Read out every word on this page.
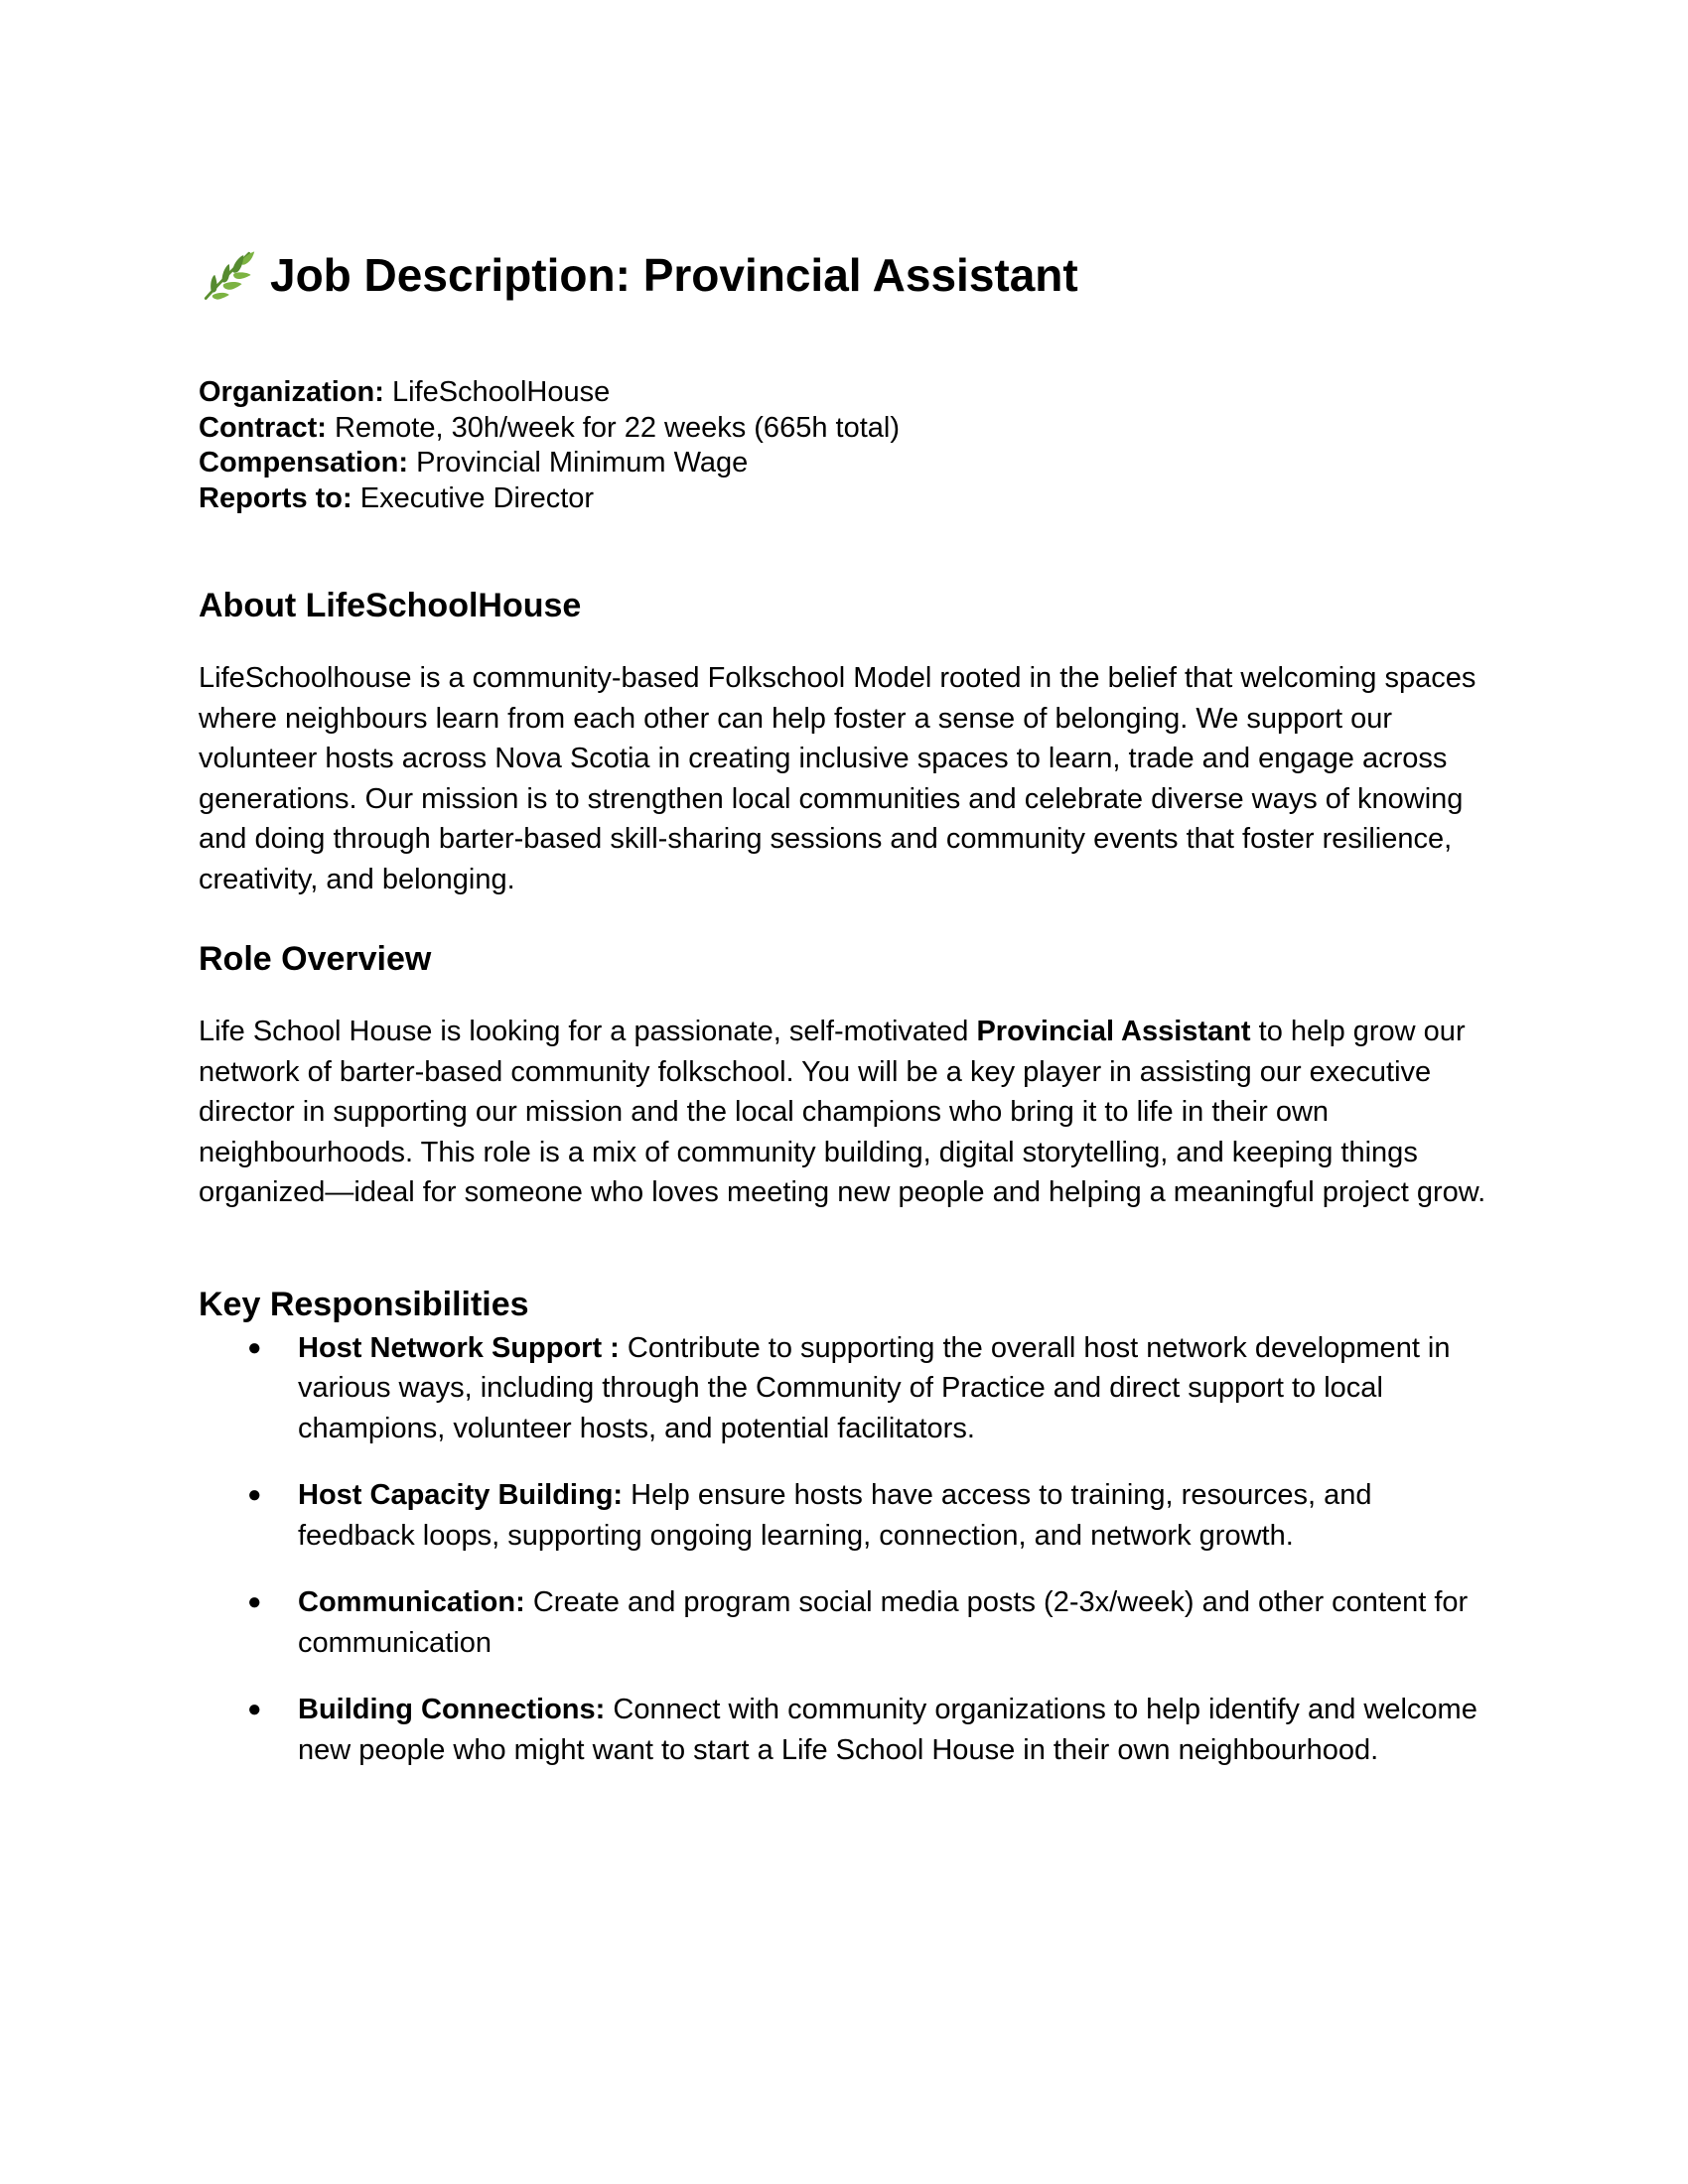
Job Description: Provincial Assistant
Organization: LifeSchoolHouse
Contract: Remote, 30h/week for 22 weeks (665h total)
Compensation: Provincial Minimum Wage
Reports to: Executive Director
About LifeSchoolHouse

LifeSchoolhouse is a community-based Folkschool Model rooted in the belief that welcoming spaces where neighbours learn from each other can help foster a sense of belonging. We support our volunteer hosts across Nova Scotia in creating inclusive spaces to learn, trade and engage across generations. Our mission is to strengthen local communities and celebrate diverse ways of knowing and doing through barter-based skill-sharing sessions and community events that foster resilience, creativity, and belonging.

Role Overview

Life School House is looking for a passionate, self-motivated Provincial Assistant to help grow our network of barter-based community folkschool. You will be a key player in assisting our executive director in supporting our mission and the local champions who bring it to life in their own neighbourhoods. This role is a mix of community building, digital storytelling, and keeping things organized—ideal for someone who loves meeting new people and helping a meaningful project grow.

Key Responsibilities
● Host Network Support : Contribute to supporting the overall host network development in various ways, including through the Community of Practice and direct support to local champions, volunteer hosts, and potential facilitators.
● Host Capacity Building: Help ensure hosts have access to training, resources, and feedback loops, supporting ongoing learning, connection, and network growth.
● Communication: Create and program social media posts (2-3x/week) and other content for communication
● Building Connections: Connect with community organizations to help identify and welcome new people who might want to start a Life School House in their own neighbourhood.
